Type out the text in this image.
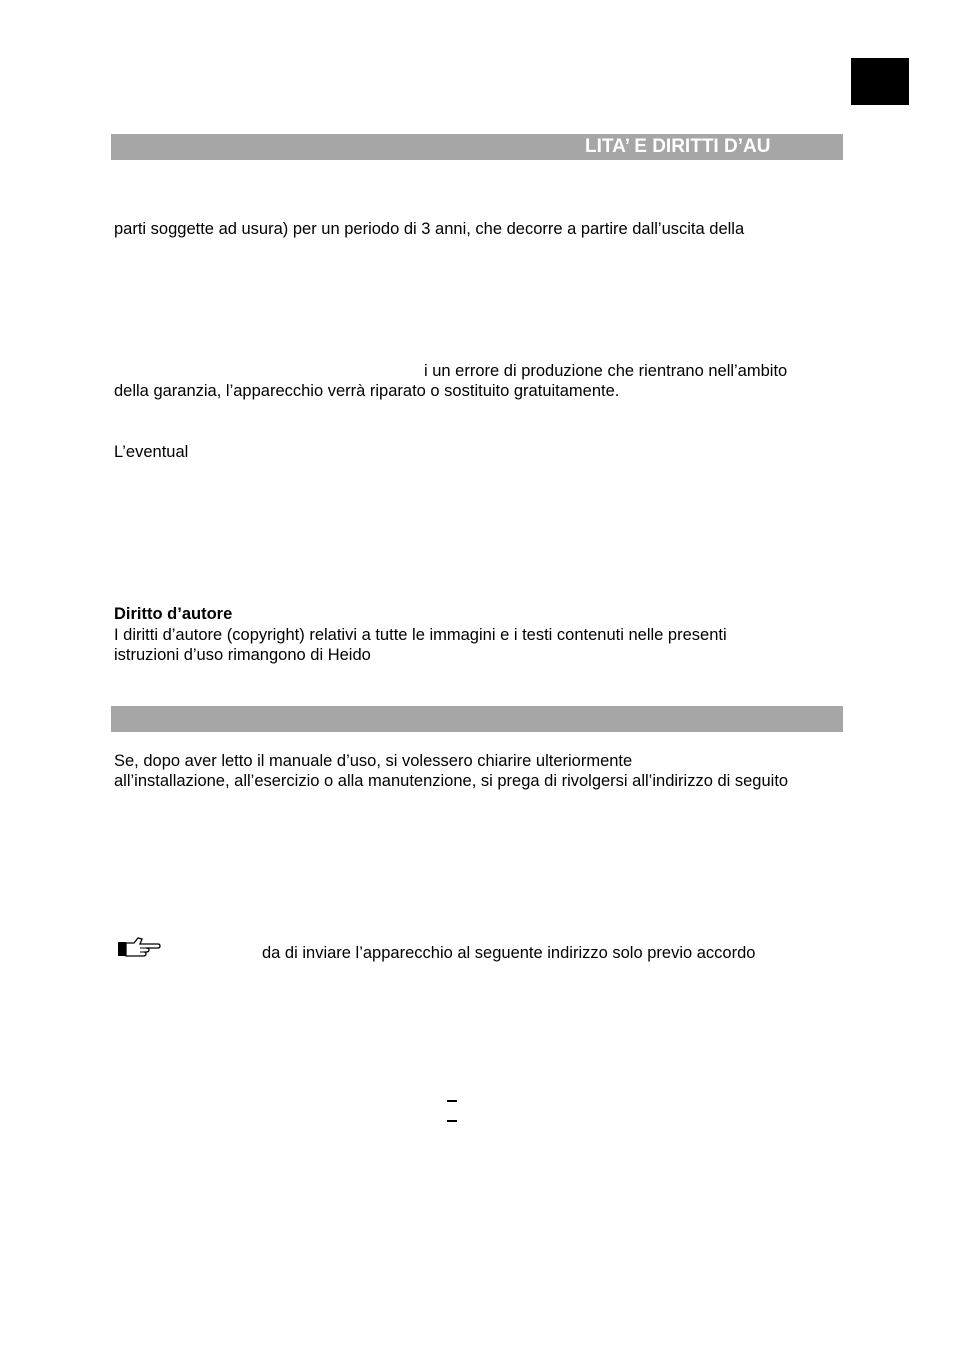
LITA’ E DIRITTI D’AU
parti soggette ad usura) per un periodo di 3 anni, che decorre a partire dall’uscita della
i un errore di produzione che rientrano nell’ambito
della garanzia, l’apparecchio verrà riparato o sostituito gratuitamente.
L’eventual
Diritto d’autore
I diritti d’autore (copyright) relativi a tutte le immagini e i testi contenuti nelle presenti
istruzioni d’uso rimangono di Heido
Se, dopo aver letto il manuale d’uso, si volessero chiarire ulteriormente
all’installazione, all’esercizio o alla manutenzione, si prega di rivolgersi all’indirizzo di seguito
da di inviare l’apparecchio al seguente indirizzo solo previo accordo
